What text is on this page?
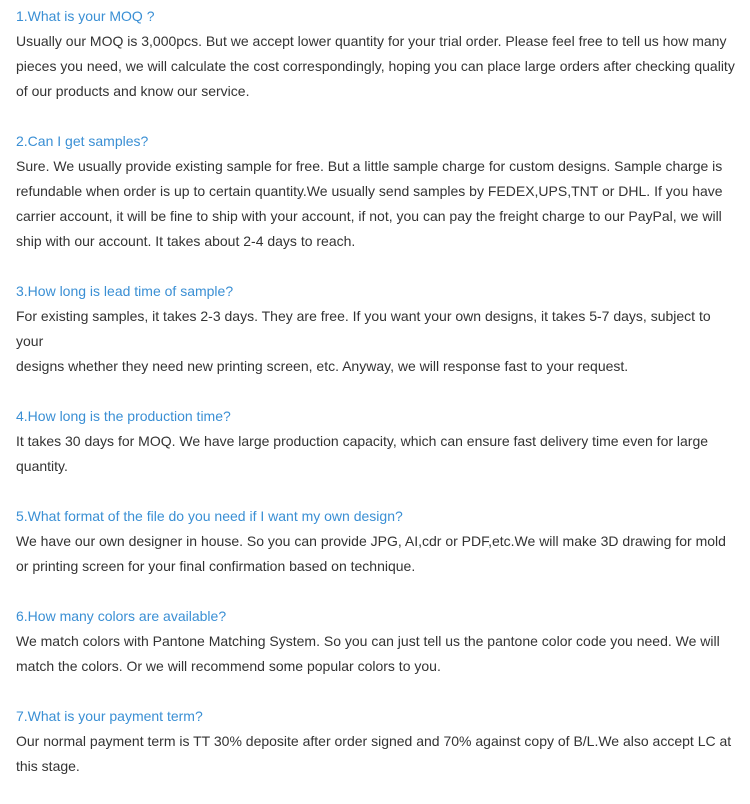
1.What is your MOQ ?

Usually our MOQ is 3,000pcs. But we accept lower quantity for your trial order. Please feel free to tell us how many
pieces you need, we will calculate the cost correspondingly, hoping you can place large orders after checking quality
of our products and know our service.

2.Can I get samples?

Sure. We usually provide existing sample for free. But a little sample charge for custom designs. Sample charge is
refundable when order is up to certain quantity.We usually send samples by FEDEX,UPS,TNT or DHL. If you have
carrier account, it will be fine to ship with your account, if not, you can pay the freight charge to our PayPal, we will
ship with our account. It takes about 2-4 days to reach.

3.How long is lead time of sample?

For existing samples, it takes 2-3 days. They are free. If you want your own designs, it takes 5-7 days, subject to your
designs whether they need new printing screen, etc. Anyway, we will response fast to your request.

4.How long is the production time?

It takes 30 days for MOQ. We have large production capacity, which can ensure fast delivery time even for large
quantity.

5.What format of the file do you need if I want my own design?

We have our own designer in house. So you can provide JPG, AI,cdr or PDF,etc.We will make 3D drawing for mold
or printing screen for your final confirmation based on technique.

6.How many colors are available?

We match colors with Pantone Matching System. So you can just tell us the pantone color code you need. We will
match the colors. Or we will recommend some popular colors to you.

7.What is your payment term?

Our normal payment term is TT 30% deposite after order signed and 70% against copy of B/L.We also accept LC at
this stage.
